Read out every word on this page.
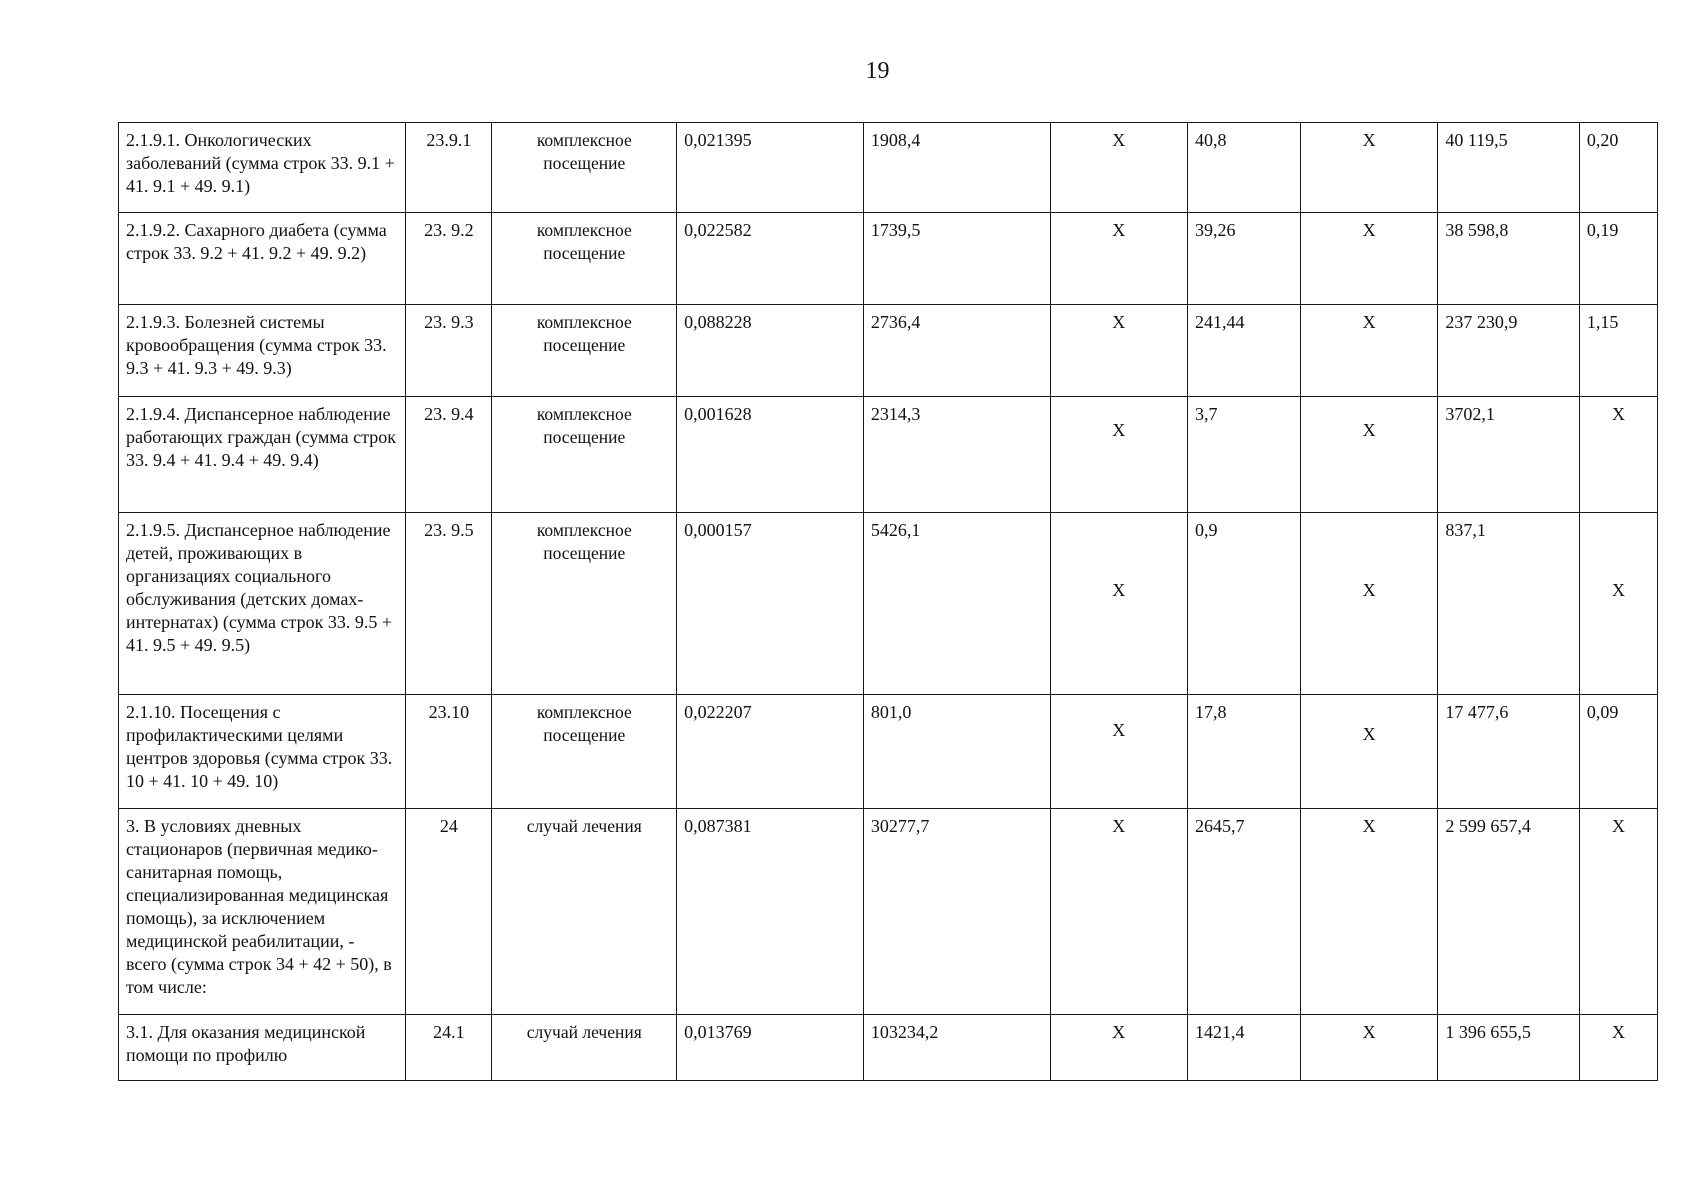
19
2.1.9.1. Онкологических заболеваний (сумма строк 33. 9.1 + 41. 9.1 + 49. 9.1)	23.9.1	комплексное посещение	0,021395	1908,4	X	40,8	X	40 119,5	0,20
2.1.9.2. Сахарного диабета (сумма строк 33. 9.2 + 41. 9.2 + 49. 9.2)	23. 9.2	комплексное посещение	0,022582	1739,5	X	39,26	X	38 598,8	0,19
2.1.9.3. Болезней системы кровообращения (сумма строк 33. 9.3 + 41. 9.3 + 49. 9.3)	23. 9.3	комплексное посещение	0,088228	2736,4	X	241,44	X	237 230,9	1,15
2.1.9.4. Диспансерное наблюдение работающих граждан (сумма строк 33. 9.4 + 41. 9.4 + 49. 9.4)	23. 9.4	комплексное посещение	0,001628	2314,3	X	3,7	X	3702,1	X
2.1.9.5. Диспансерное наблюдение детей, проживающих в организациях социального обслуживания (детских домах- интернатах) (сумма строк 33. 9.5 + 41. 9.5 + 49. 9.5)	23. 9.5	комплексное посещение	0,000157	5426,1	X	0,9	X	837,1	X

2.1.10. Посещения с профилактическими целями центров здоровья (сумма строк 33. 10 + 41. 10 + 49. 10)	23.10	комплексное посещение	0,022207	801,0	X	17,8	X	17 477,6	0,09
3. В условиях дневных стационаров (первичная медико-санитарная помощь, специализированная медицинская помощь), за исключением медицинской реабилитации, - всего (сумма строк 34 + 42 + 50), в том числе:	24	случай лечения	0,087381	30277,7	X	2645,7	X	2 599 657,4	X
3.1. Для оказания медицинской помощи по профилю	24.1	случай лечения	0,013769	103234,2	X	1421,4	X	1 396 655,5	X
